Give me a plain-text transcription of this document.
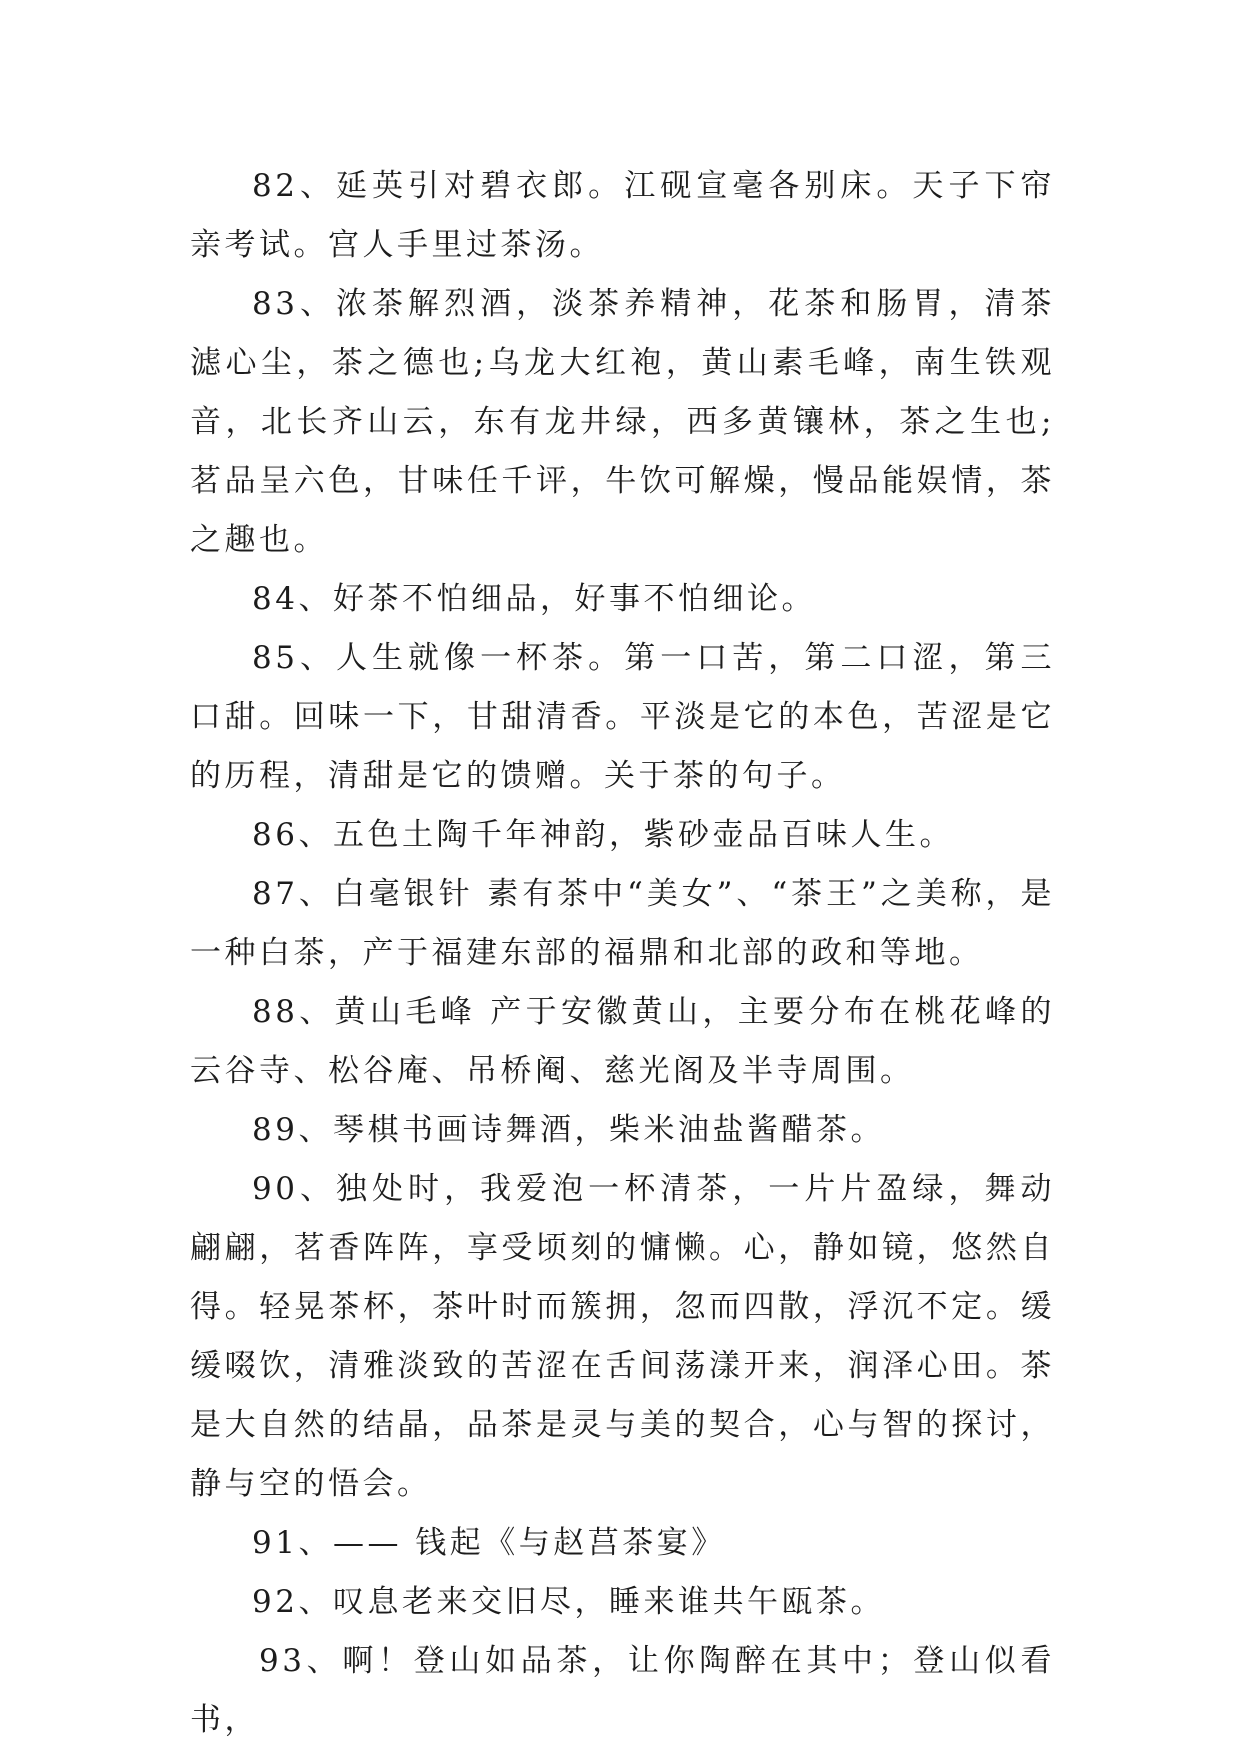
82、延英引对碧衣郎。江砚宣毫各别床。天子下帘亲考试。宫人手里过茶汤。

83、浓茶解烈酒，淡茶养精神，花茶和肠胃，清茶滤心尘，茶之德也;乌龙大红袍，黄山素毛峰，南生铁观音，北长齐山云，东有龙井绿，西多黄镶林，茶之生也;茗品呈六色，甘味任千评，牛饮可解燥，慢品能娱情，茶之趣也。

84、好茶不怕细品，好事不怕细论。

85、人生就像一杯茶。第一口苦，第二口涩，第三口甜。回味一下，甘甜清香。平淡是它的本色，苦涩是它的历程，清甜是它的馈赠。关于茶的句子。

86、五色土陶千年神韵，紫砂壶品百味人生。

87、白毫银针 素有茶中“美女”、“茶王”之美称，是一种白茶，产于福建东部的福鼎和北部的政和等地。

88、黄山毛峰 产于安徽黄山，主要分布在桃花峰的云谷寺、松谷庵、吊桥阉、慈光阁及半寺周围。

89、琴棋书画诗舞酒，柴米油盐酱醋茶。

90、独处时，我爱泡一杯清茶，一片片盈绿，舞动翩翩，茗香阵阵，享受顷刻的慵懒。心，静如镜，悠然自得。轻晃茶杯，茶叶时而簇拥，忽而四散，浮沉不定。缓缓啜饮，清雅淡致的苦涩在舌间荡漾开来，润泽心田。茶是大自然的结晶，品茶是灵与美的契合，心与智的探讨，静与空的悟会。

91、—— 钱起《与赵莒茶宴》

92、叹息老来交旧尽，睡来谁共午瓯茶。

93、啊！登山如品茶，让你陶醉在其中；登山似看书，
